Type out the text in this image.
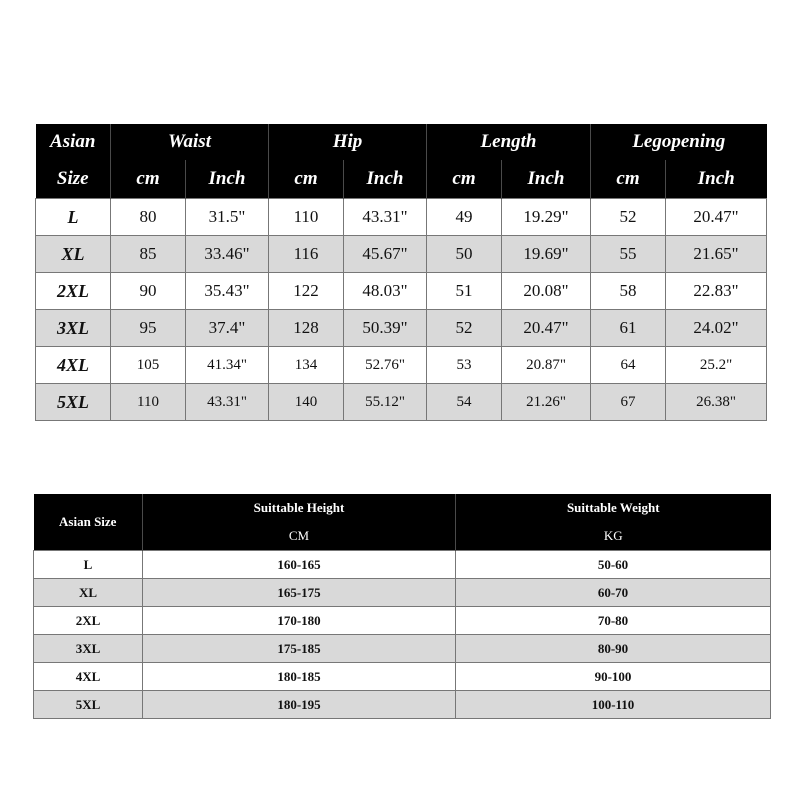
Asian	Waist		Hip		Length		Legopening	
Size	cm	Inch	cm	Inch	cm	Inch	cm	Inch
L	80	31.5"	110	43.31"	49	19.29"	52	20.47"
XL	85	33.46"	116	45.67"	50	19.69"	55	21.65"
2XL	90	35.43"	122	48.03"	51	20.08"	58	22.83"
3XL	95	37.4"	128	50.39"	52	20.47"	61	24.02"
4XL	105	41.34"	134	52.76"	53	20.87"	64	25.2"
5XL	110	43.31"	140	55.12"	54	21.26"	67	26.38"
Asian Size	Suittable Height	Suittable Weight
	CM	KG
L	160-165	50-60
XL	165-175	60-70
2XL	170-180	70-80
3XL	175-185	80-90
4XL	180-185	90-100
5XL	180-195	100-110
